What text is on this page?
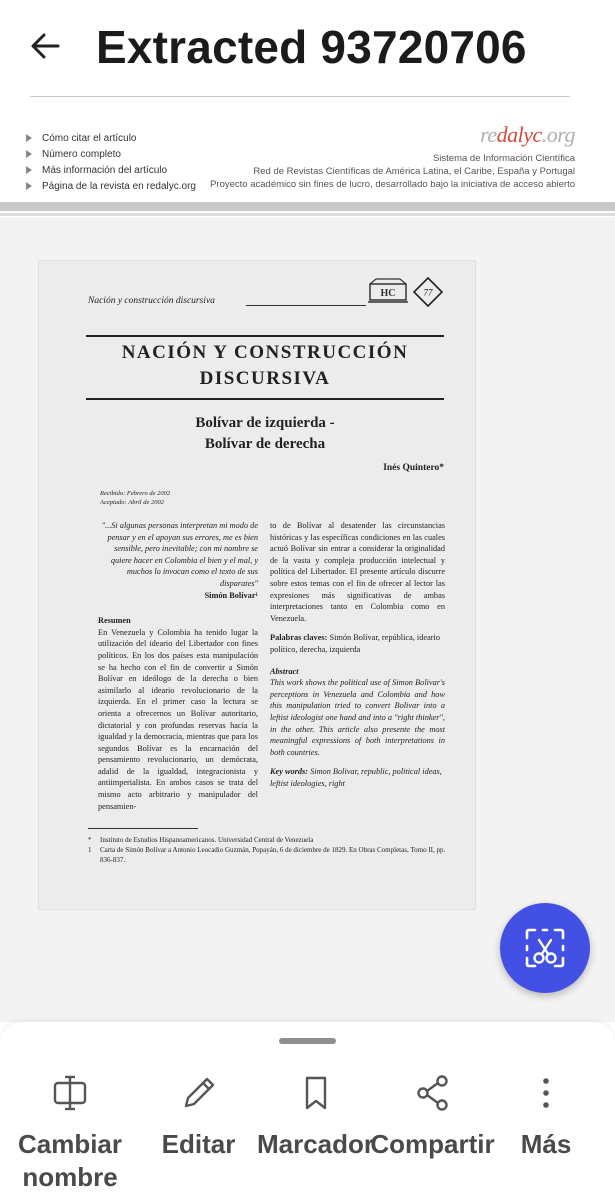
Extracted 93720706
Cómo citar el artículo
Número completo
Más información del artículo
Página de la revista en redalyc.org
redalyc.org
Sistema de Información Científica
Red de Revistas Científicas de América Latina, el Caribe, España y Portugal
Proyecto académico sin fines de lucro, desarrollado bajo la iniciativa de acceso abierto
Nación y construcción discursiva
HC	77
NACIÓN Y CONSTRUCCIÓN
DISCURSIVA
Bolívar de izquierda -
Bolívar de derecha
Inés Quintero*
Recibido: Febrero de 2002
Aceptado: Abril de 2002
"...Si algunas personas interpretan mi modo de pensar y en el apoyan sus errores, me es bien sensible, pero inevitable; con mi nombre se quiere hacer en Colombia el bien y el mal, y muchos lo invocan como el texto de sus disparates"
Simón Bolívar¹
Resumen
En Venezuela y Colombia ha tenido lugar la utilización del ideario del Libertador con fines políticos. En los dos países esta manipulación se ha hecho con el fin de convertir a Simón Bolívar en ideólogo de la derecha o bien asimilarlo al ideario revolucionario de la izquierda. En el primer caso la lectura se orienta a ofrecernos un Bolívar autoritario, dictatorial y con profundas reservas hacia la igualdad y la democracia, mientras que para los segundos Bolívar es la encarnación del pensamiento revolucionario, un demócrata, adalid de la igualdad, integracionista y antiimperialista. En ambos casos se trata del mismo acto arbitrario y manipulador del pensamien-
to de Bolívar al desatender las circunstancias históricas y las específicas condiciones en las cuales actuó Bolívar sin entrar a considerar la originalidad de la vasta y compleja producción intelectual y política del Libertador. El presente artículo discurre sobre estos temas con el fin de ofrecer al lector las expresiones más significativas de ambas interpretaciones tanto en Colombia como en Venezuela.
Palabras claves: Simón Bolívar, república, ideario político, derecha, izquierda
Abstract
This work shows the political use of Simon Bolivar's perceptions in Venezuela and Colombia and how this manipulation tried to convert Bolivar into a leftist ideologist one hand and into a "right thinker", in the other. This article also presente the most meaningful expressions of both interpretations in both countries.
Key words: Simon Bolivar, republic, political ideas, leftist ideologies, right
*	Instituto de Estudios Hispanoamericanos. Universidad Central de Venezuela
1	Carta de Simón Bolívar a Antonio Leocadio Guzmán, Popayán, 6 de diciembre de 1829. En Obras Completas, Tomo II, pp. 836-837.
Cambiar nombre
Editar Marcador
Compartir Más
